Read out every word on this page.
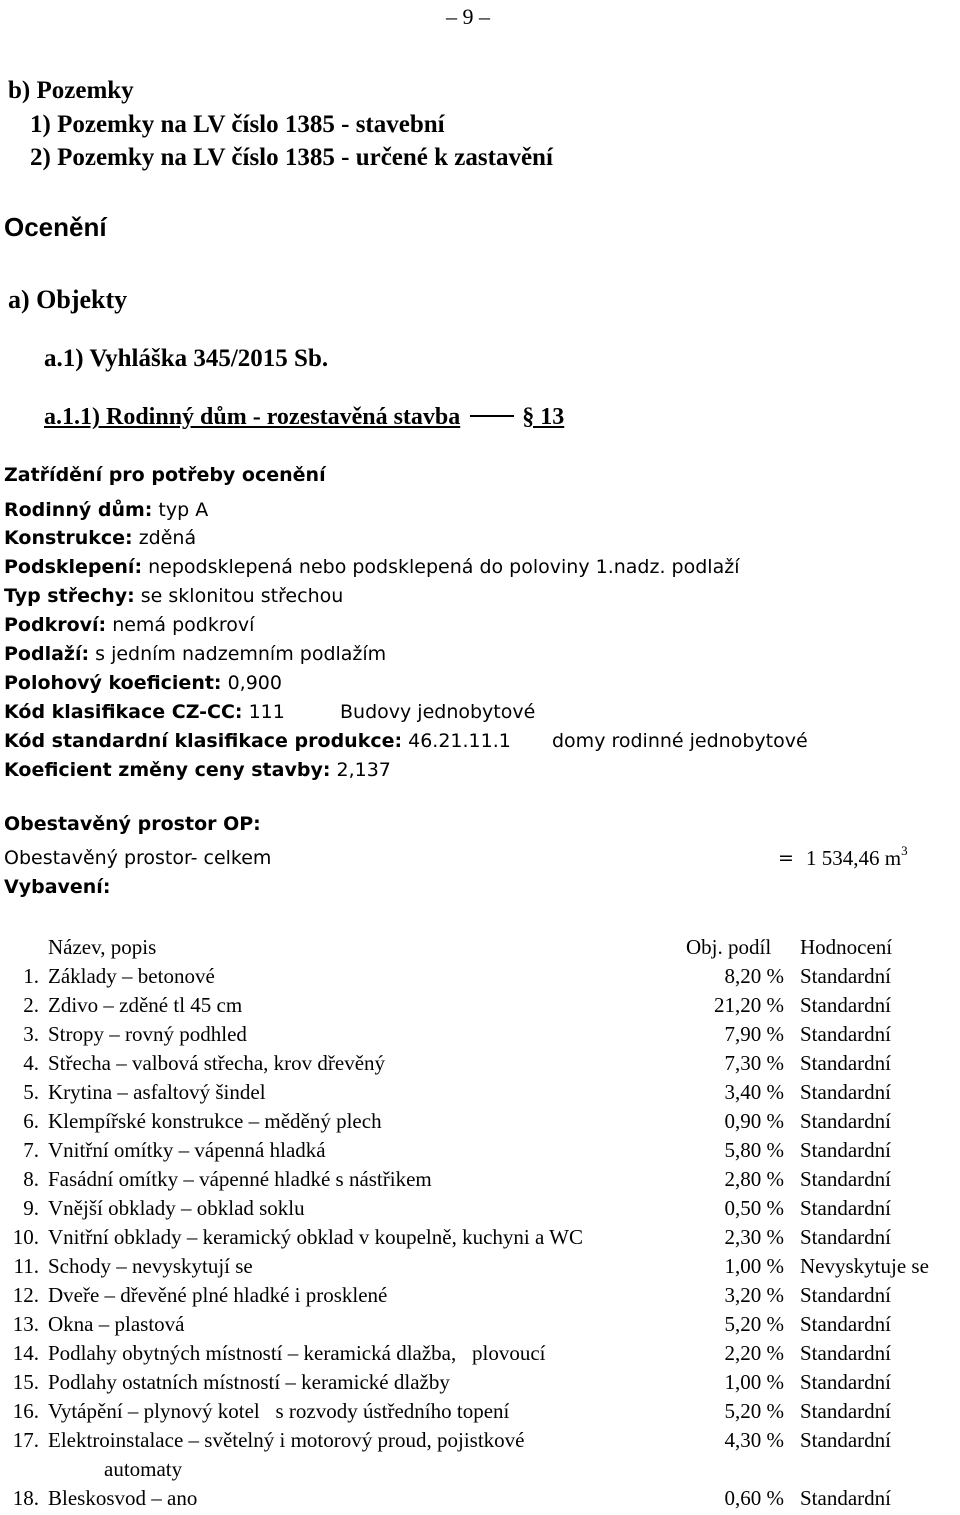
– 9 –
b) Pozemky
1) Pozemky na LV číslo 1385 - stavební
2) Pozemky na LV číslo 1385 - určené k zastavění
Ocenění
a) Objekty
a.1) Vyhláška 345/2015 Sb.
a.1.1) Rodinný dům - rozestavěná stavba	§ 13
Zatřídění pro potřeby ocenění
Rodinný dům: typ A
Konstrukce: zděná
Podsklepení: nepodsklepená nebo podsklepená do poloviny 1.nadz. podlaží
Typ střechy: se sklonitou střechou
Podkroví: nemá podkroví
Podlaží: s jedním nadzemním podlažím
Polohový koeficient: 0,900
Kód klasifikace CZ-CC: 111	Budovy jednobytové
Kód standardní klasifikace produkce: 46.21.11.1 domy rodinné jednobytové
Koeficient změny ceny stavby: 2,137
Obestavěný prostor OP:
Obestavěný prostor- celkem	= 1 534,46 $m^3$
Vybavení:
Název, popis	Obj. podíl Hodnocení
1. Základy – betonové	8,20 % Standardní
2. Zdivo – zděné tl 45 cm	21,20 % Standardní
3. Stropy – rovný podhled	7,90 % Standardní
4. Střecha – valbová střecha, krov dřevěný	7,30 % Standardní
5. Krytina – asfaltový šindel	3,40 % Standardní
6. Klempířské konstrukce – měděný plech	0,90 % Standardní
7. Vnitřní omítky – vápenná hladká	5,80 % Standardní
8. Fasádní omítky – vápenné hladké s nástřikem	2,80 % Standardní
9. Vnější obklady – obklad soklu	0,50 % Standardní
10. Vnitřní obklady – keramický obklad v koupelně, kuchyni a WC	2,30 % Standardní
11. Schody – nevyskytují se	1,00 % Nevyskytuje se
12. Dveře – dřevěné plné hladké i prosklené	3,20 % Standardní
13. Okna – plastová	5,20 % Standardní
14. Podlahy obytných místností – keramická dlažba,   plovoucí	2,20 % Standardní
15. Podlahy ostatních místností – keramické dlažby	1,00 % Standardní
16. Vytápění – plynový kotel   s rozvody ústředního topení	5,20 % Standardní
17. Elektroinstalace – světelný i motorový proud, pojistkové	4,30 % Standardní
automaty
18. Bleskosvod – ano	0,60 % Standardní
